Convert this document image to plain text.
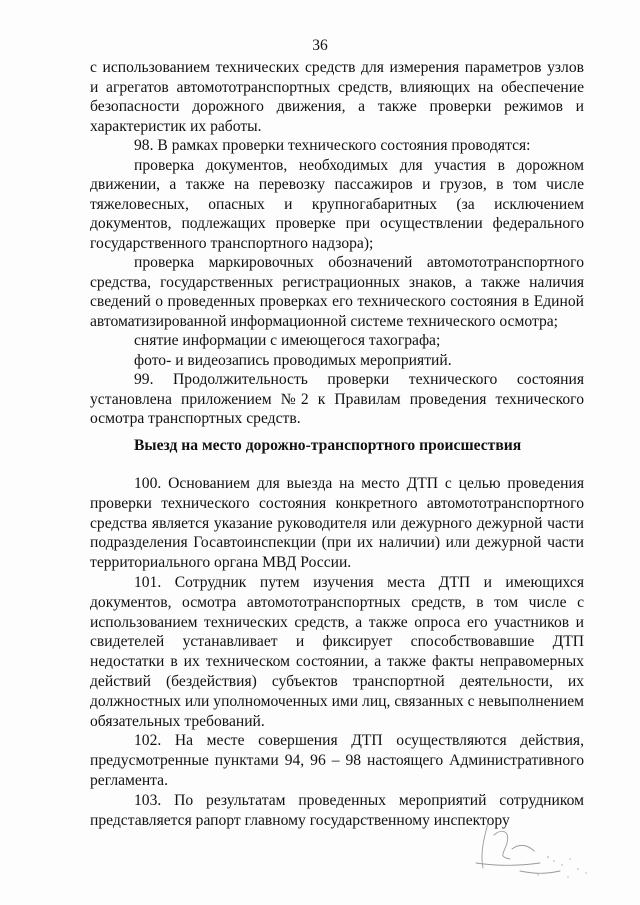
36

с использованием технических средств для измерения параметров узлов и агрегатов автомототранспортных средств, влияющих на обеспечение безопасности дорожного движения, а также проверки режимов и характеристик их работы.

98. В рамках проверки технического состояния проводятся:

проверка документов, необходимых для участия в дорожном движении, а также на перевозку пассажиров и грузов, в том числе тяжеловесных, опасных и крупногабаритных (за исключением документов, подлежащих проверке при осуществлении федерального государственного транспортного надзора);

проверка маркировочных обозначений автомототранспортного средства, государственных регистрационных знаков, а также наличия сведений о проведенных проверках его технического состояния в Единой автоматизированной информационной системе технического осмотра;

снятие информации с имеющегося тахографа;

фото- и видеозапись проводимых мероприятий.

99. Продолжительность проверки технического состояния установлена приложением №2 к Правилам проведения технического осмотра транспортных средств.

Выезд на место дорожно-транспортного происшествия

100. Основанием для выезда на место ДТП с целью проведения проверки технического состояния конкретного автомототранспортного средства является указание руководителя или дежурного дежурной части подразделения Госавтоинспекции (при их наличии) или дежурной части территориального органа МВД России.

101. Сотрудник путем изучения места ДТП и имеющихся документов, осмотра автомототранспортных средств, в том числе с использованием технических средств, а также опроса его участников и свидетелей устанавливает и фиксирует способствовавшие ДТП недостатки в их техническом состоянии, а также факты неправомерных действий (бездействия) субъектов транспортной деятельности, их должностных или уполномоченных ими лиц, связанных с невыполнением обязательных требований.

102. На месте совершения ДТП осуществляются действия, предусмотренные пунктами 94, 96 – 98 настоящего Административного регламента.

103. По результатам проведенных мероприятий сотрудником представляется рапорт главному государственному инспектору
